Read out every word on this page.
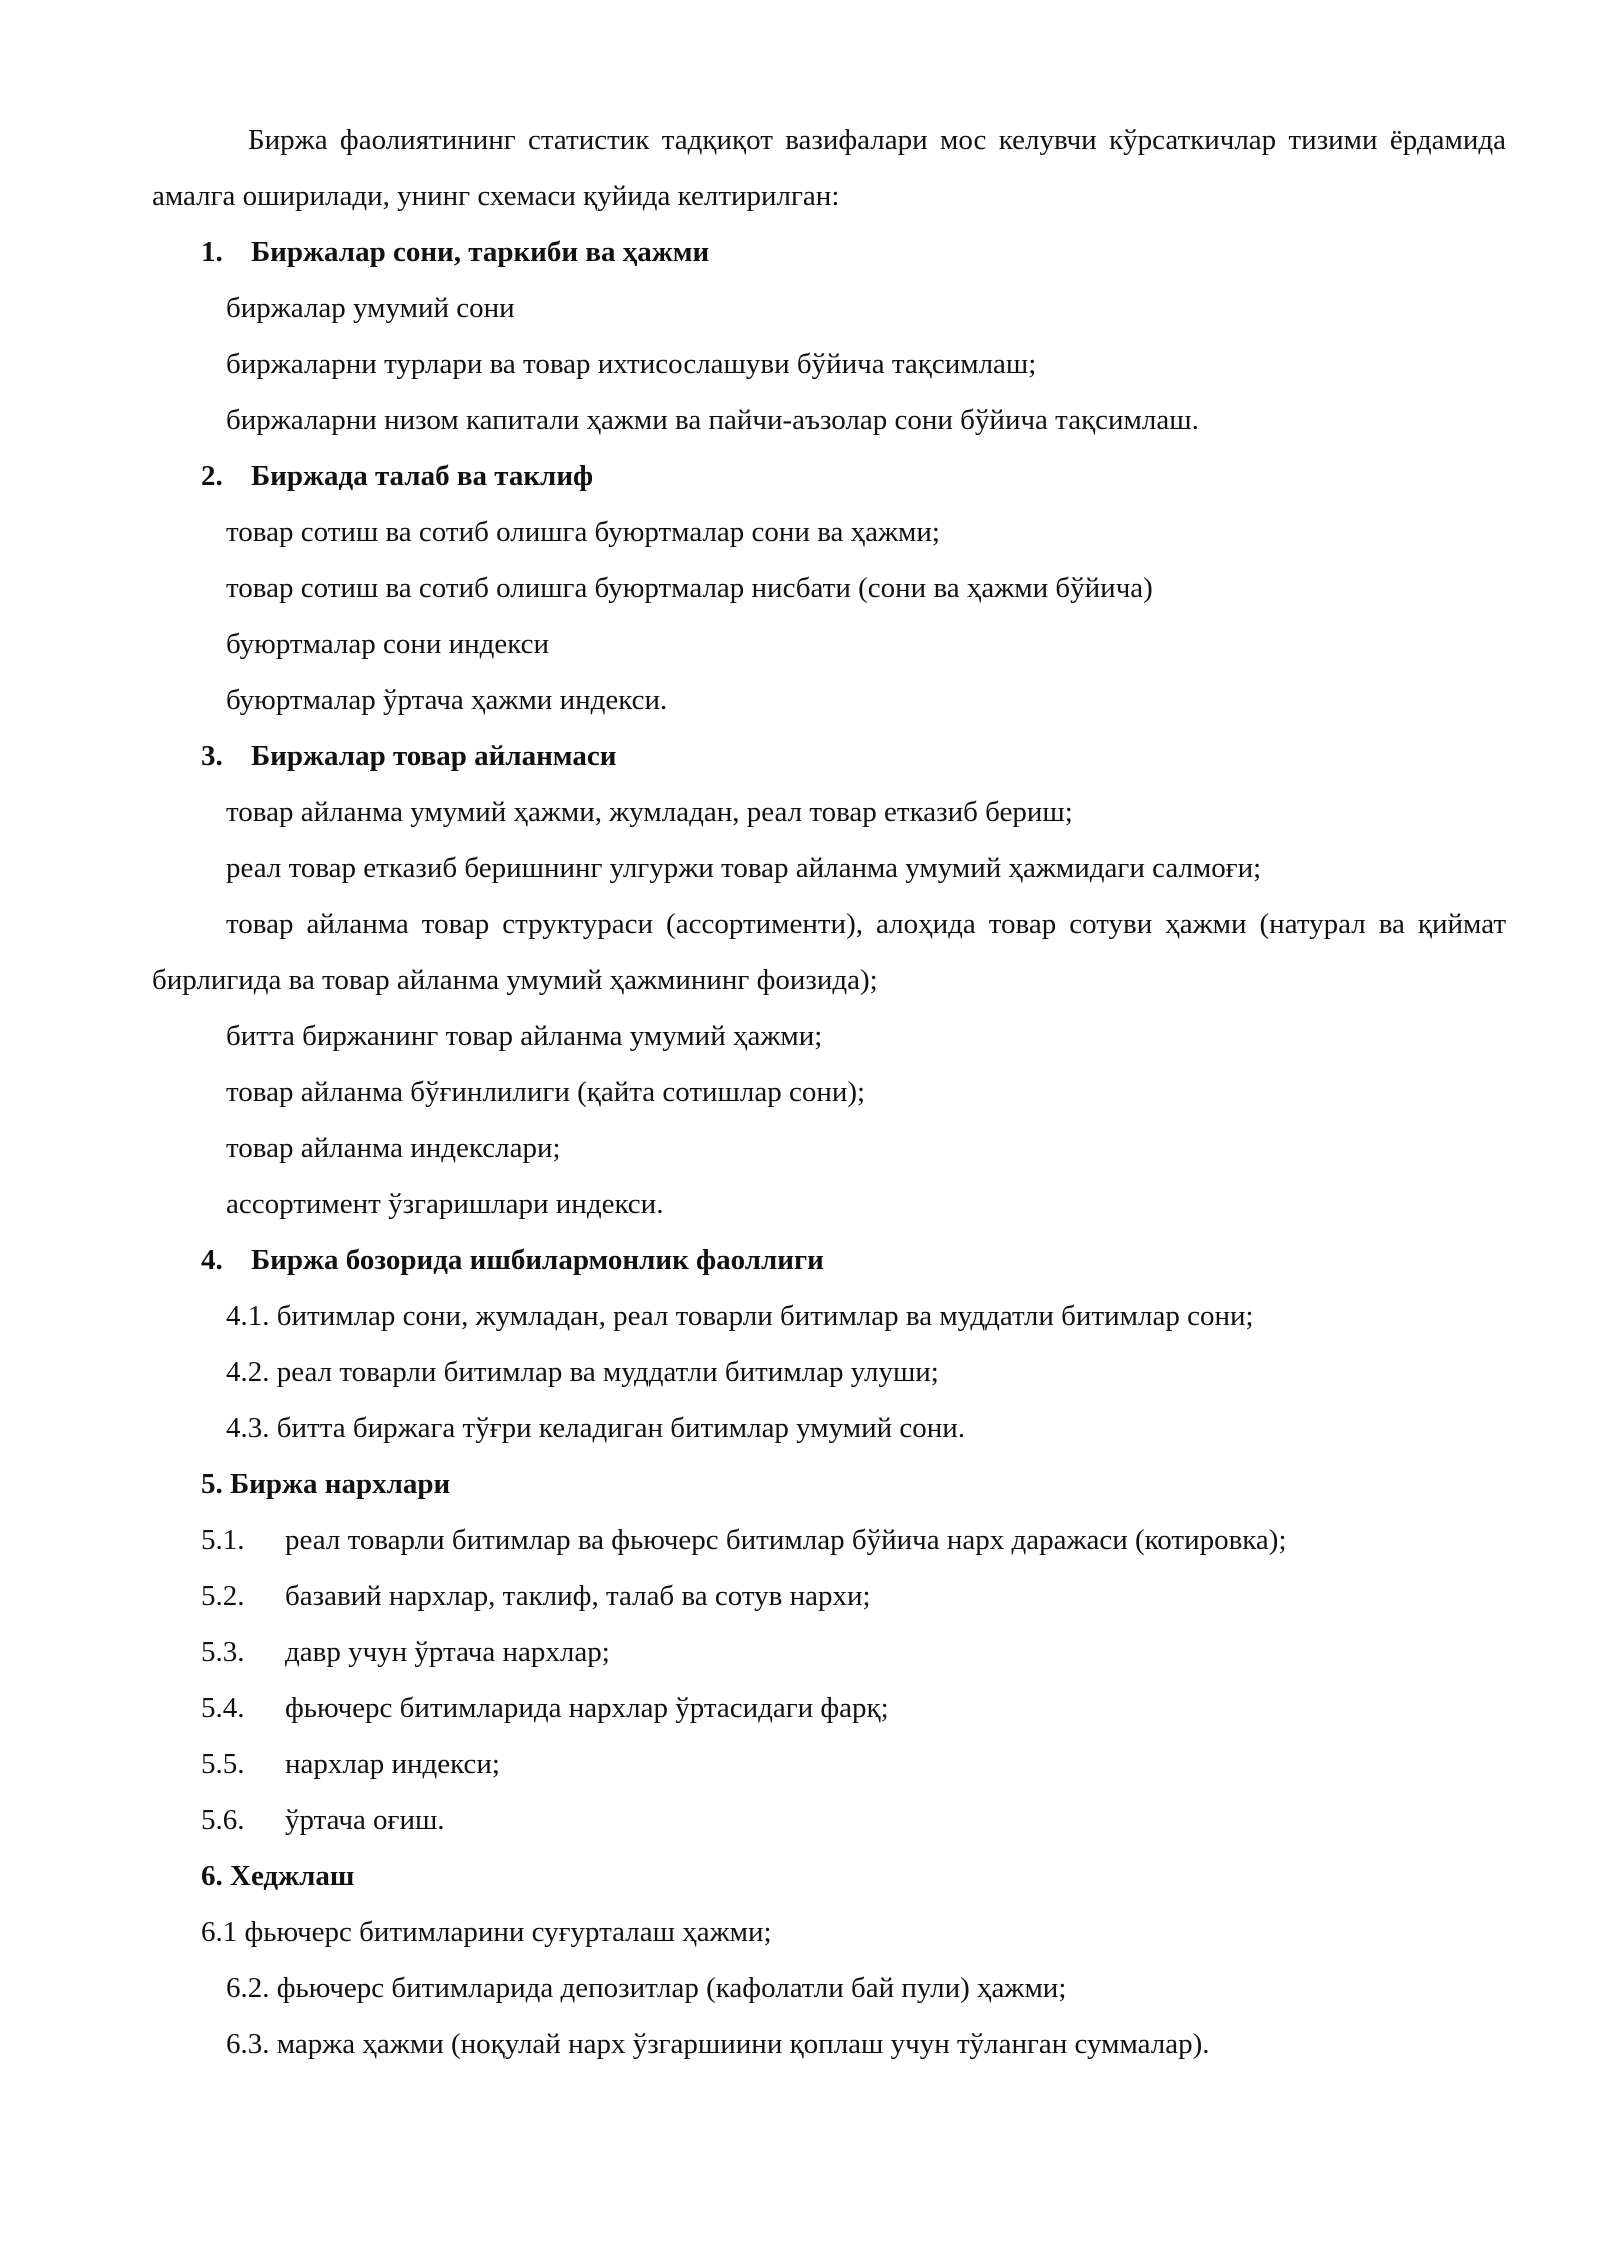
Биржа фаолиятининг статистик тадқиқот вазифалари мос келувчи кўрсаткичлар тизими ёрдамида амалга оширилади, унинг схемаси қуйида келтирилган:

1. Биржалар сони, таркиби ва ҳажми
биржалар умумий сони
биржаларни турлари ва товар ихтисослашуви бўйича тақсимлаш;
биржаларни низом капитали ҳажми ва пайчи-аъзолар сони бўйича тақсимлаш.
2. Биржада талаб ва таклиф
товар сотиш ва сотиб олишга буюртмалар сони ва ҳажми;
товар сотиш ва сотиб олишга буюртмалар нисбати (сони ва ҳажми бўйича)
буюртмалар сони индекси
буюртмалар ўртача ҳажми индекси.
3. Биржалар товар айланмаси
товар айланма умумий ҳажми, жумладан, реал товар етказиб бериш;
реал товар етказиб беришнинг улгуржи товар айланма умумий ҳажмидаги салмоғи;

товар айланма товар структураси (ассортименти), алоҳида товар сотуви ҳажми (натурал ва қиймат бирлигида ва товар айланма умумий ҳажмининг фоизида);

битта биржанинг товар айланма умумий ҳажми;
товар айланма бўғинлилиги (қайта сотишлар сони);
товар айланма индекслари;
ассортимент ўзгаришлари индекси.
4. Биржа бозорида ишбилармонлик фаоллиги
4.1. битимлар сони, жумладан, реал товарли битимлар ва муддатли битимлар сони;
4.2. реал товарли битимлар ва муддатли битимлар улуши;
4.3. битта биржага тўғри келадиган битимлар умумий сони.
5. Биржа нархлари
5.1. реал товарли битимлар ва фьючерс битимлар бўйича нарх даражаси (котировка);
5.2. базавий нархлар, таклиф, талаб ва сотув нархи;
5.3. давр учун ўртача нархлар;
5.4. фьючерс битимларида нархлар ўртасидаги фарқ;
5.5. нархлар индекси;
5.6. ўртача оғиш.
6. Хеджлаш
6.1 фьючерс битимларини суғурталаш ҳажми;
6.2. фьючерс битимларида депозитлар (кафолатли бай пули) ҳажми;
6.3. маржа ҳажми (ноқулай нарх ўзгаршиини қоплаш учун тўланган суммалар).
